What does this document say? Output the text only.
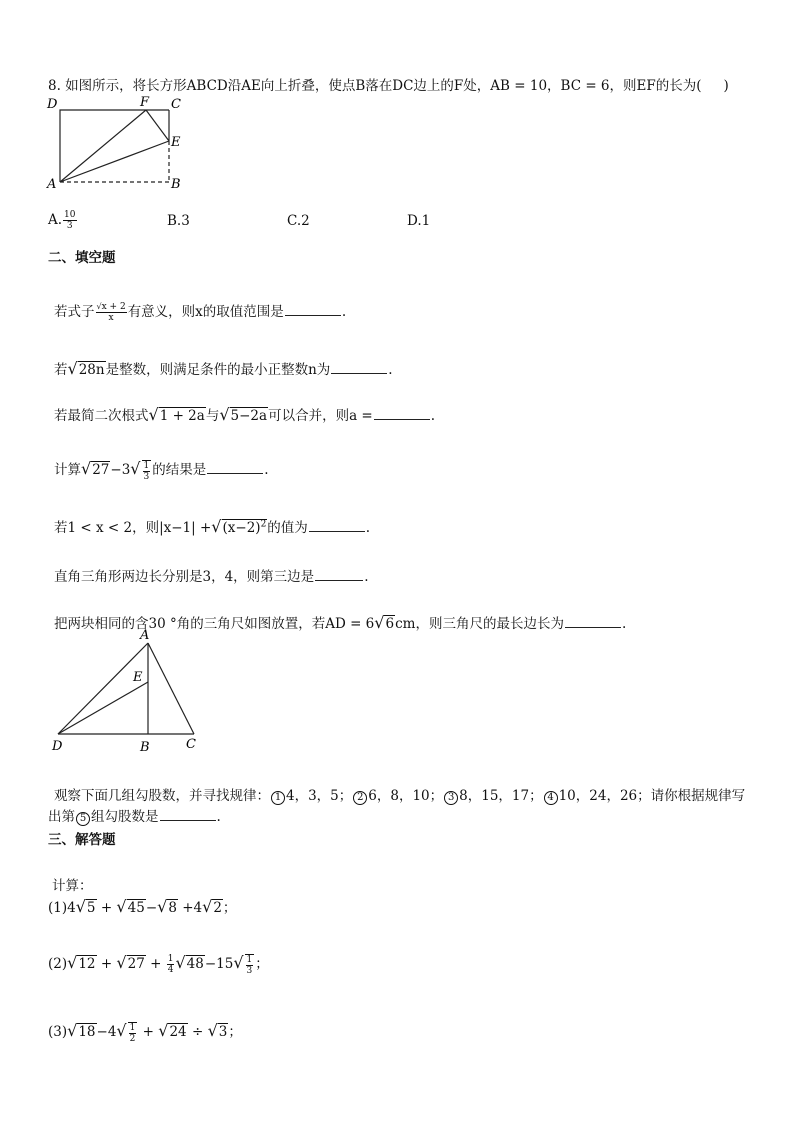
8. 如图所示，将长方形ABCD沿AE向上折叠，使点B落在DC边上的F处，AB = 10，BC = 6，则EF的长为( )
D	F C
E
A	B
A. $\frac{10}{3}$	B.3	C.2	D.1
二、填空题
若式子 $\frac{√x + 2}{x}$ 有意义，则x的取值范围是	.
若√28n是整数，则满足条件的最小正整数n为	.
若最简二次根式√1 + 2a与√5−2a可以合并，则a =	.
计算$√27-3√ \frac{1}{3}$ 的结果是	.
若1 < x < 2，则$|x-1| +√(x-2)^2$的值为	.
直角三角形两边长分别是3，4，则第三边是	.
把两块相同的含30 °角的三角尺如图放置，若AD = 6√6cm，则三角尺的最长边长为	.
A
E
D	B	C
观察下面几组勾股数，并寻找规律： 1 4，3，5； 2 6，8，10； 3 8，15，17； 4 10，24，26；请你根据规律写
出第 5 组勾股数是	.
三、解答题
计算：
(1)4√5 + √45−√8 +4√2；
$(2)√12 + √27 + \frac{1}{4} √48-15√ \frac{1}{3}$ ；
$(3)√18-4√ \frac{1}{2} + √24 \div √3$；
